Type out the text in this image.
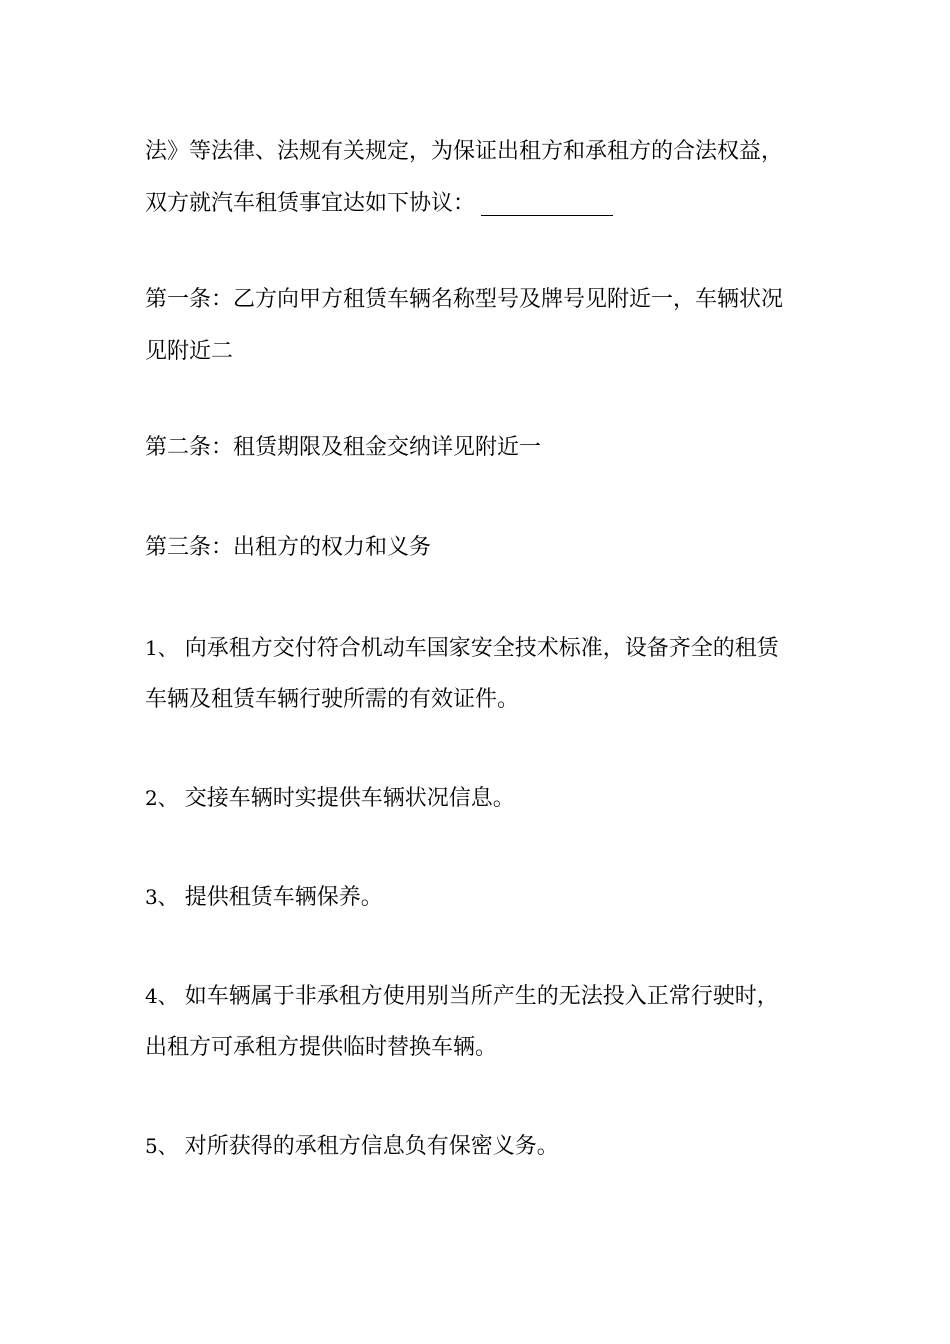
法》等法律、法规有关规定，为保证出租方和承租方的合法权益，
双方就汽车租赁事宜达如下协议：
第一条：乙方向甲方租赁车辆名称型号及牌号见附近一，车辆状况
见附近二
第二条：租赁期限及租金交纳详见附近一
第三条：出租方的权力和义务
1、 向承租方交付符合机动车国家安全技术标准，设备齐全的租赁
车辆及租赁车辆行驶所需的有效证件。
2、 交接车辆时实提供车辆状况信息。
3、 提供租赁车辆保养。
4、 如车辆属于非承租方使用别当所产生的无法投入正常行驶时，
出租方可承租方提供临时替换车辆。
5、 对所获得的承租方信息负有保密义务。
